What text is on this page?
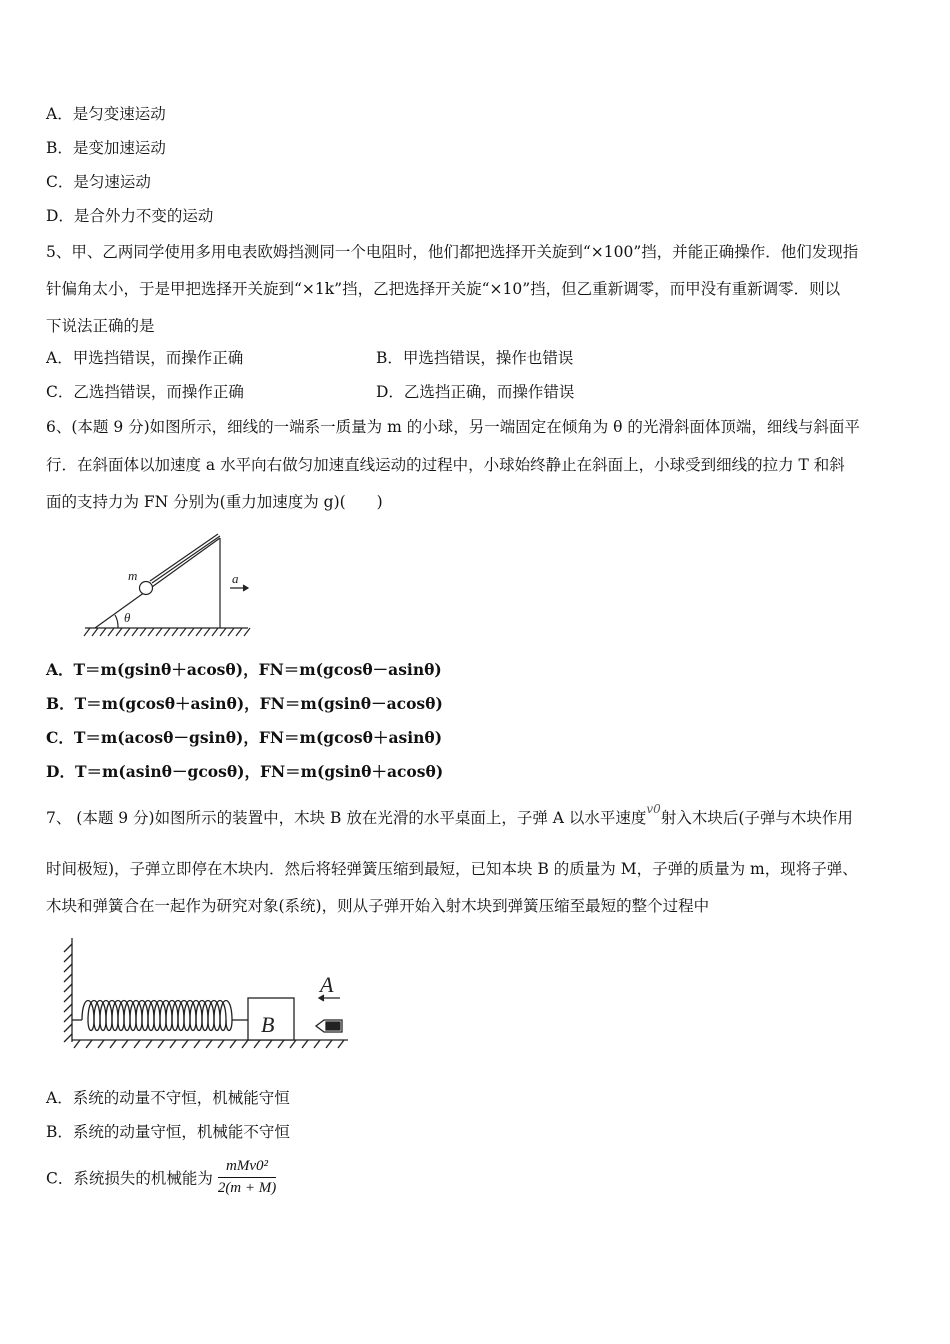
A．是匀变速运动
B．是变加速运动
C．是匀速运动
D．是合外力不变的运动
5、甲、乙两同学使用多用电表欧姆挡测同一个电阻时，他们都把选择开关旋到“×100”挡，并能正确操作．他们发现指
针偏角太小，于是甲把选择开关旋到“×1k”挡，乙把选择开关旋“×10”挡，但乙重新调零，而甲没有重新调零．则以
下说法正确的是
A．甲选挡错误，而操作正确	B．甲选挡错误，操作也错误
C．乙选挡错误，而操作正确	D．乙选挡正确，而操作错误
6、(本题 9 分)如图所示，细线的一端系一质量为 m 的小球，另一端固定在倾角为 θ 的光滑斜面体顶端，细线与斜面平
行．在斜面体以加速度 a 水平向右做匀加速直线运动的过程中，小球始终静止在斜面上，小球受到细线的拉力 T 和斜
面的支持力为 FN 分别为(重力加速度为 g)(　　)
m	a
θ
A．T＝m(gsinθ＋acosθ)，FN＝m(gcosθ－asinθ)
B．T＝m(gcosθ＋asinθ)，FN＝m(gsinθ－acosθ)
C．T＝m(acosθ－gsinθ)，FN＝m(gcosθ＋asinθ)
D．T＝m(asinθ－gcosθ)，FN＝m(gsinθ＋acosθ)
7、 (本题 9 分)如图所示的装置中，木块 B 放在光滑的水平桌面上，子弹 A 以水平速度$^{v0}$射入木块后(子弹与木块作用
时间极短)，子弹立即停在木块内．然后将轻弹簧压缩到最短，已知本块 B 的质量为 M，子弹的质量为 m，现将子弹、
木块和弹簧合在一起作为研究对象(系统)，则从子弹开始入射木块到弹簧压缩至最短的整个过程中
B
A
A．系统的动量不守恒，机械能守恒
B．系统的动量守恒，机械能不守恒
C．系统损失的机械能为 $\frac{\text{mMv0²}}{2(m + M)}$
